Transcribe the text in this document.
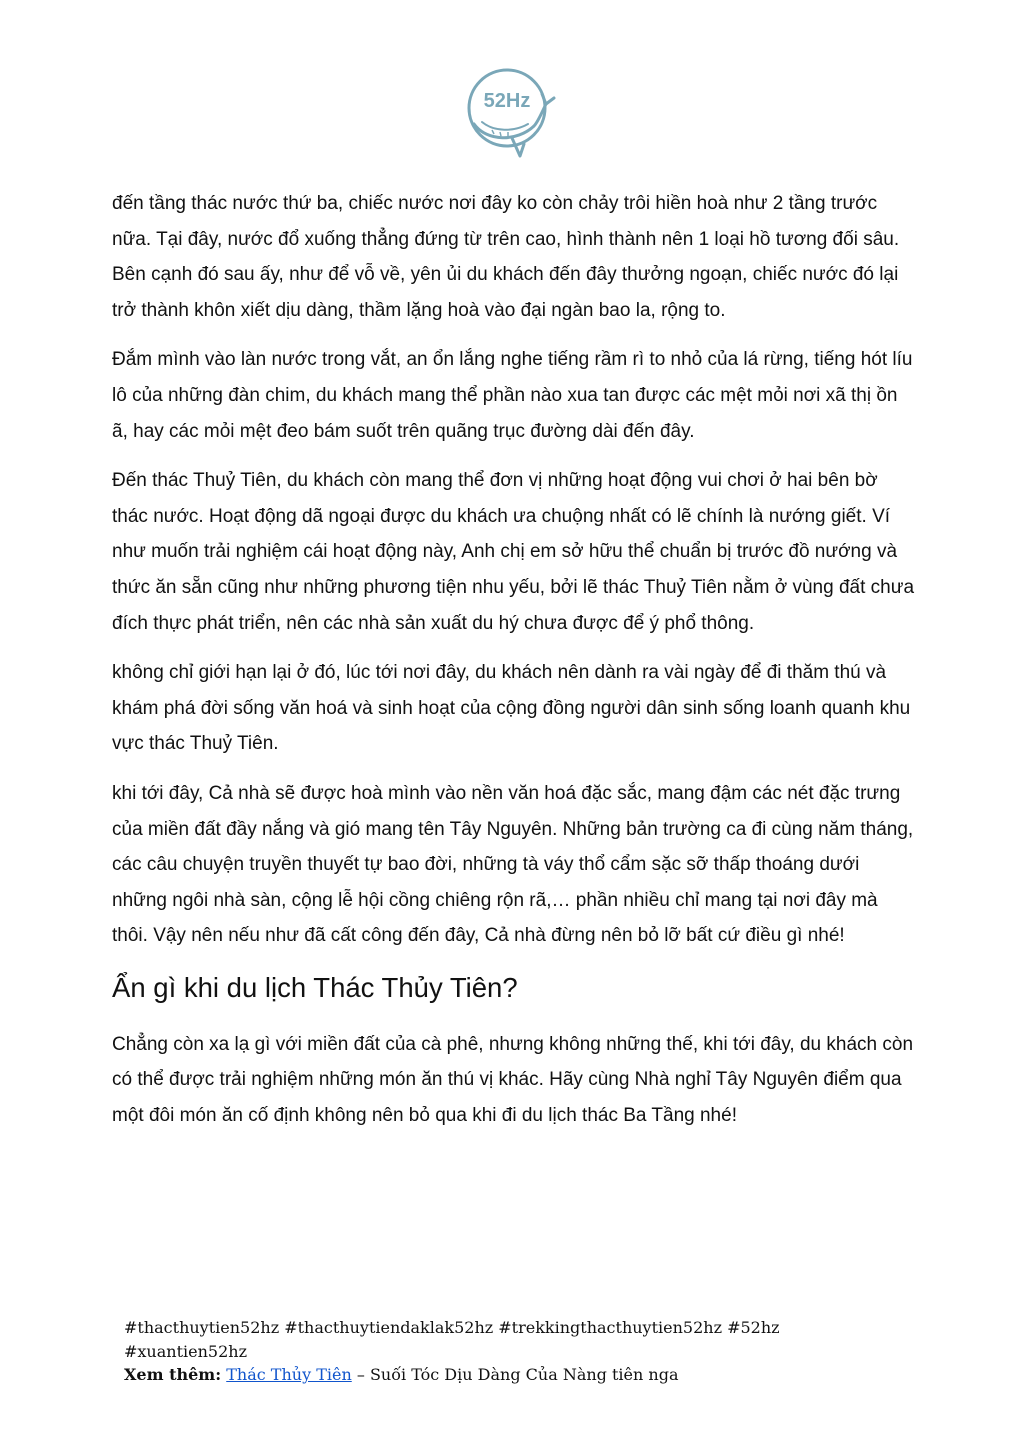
52Hz

đến tầng thác nước thứ ba, chiếc nước nơi đây ko còn chảy trôi hiền hoà như 2 tầng trước nữa. Tại đây, nước đổ xuống thẳng đứng từ trên cao, hình thành nên 1 loại hồ tương đối sâu. Bên cạnh đó sau ấy, như để vỗ về, yên ủi du khách đến đây thưởng ngoạn, chiếc nước đó lại trở thành khôn xiết dịu dàng, thầm lặng hoà vào đại ngàn bao la, rộng to.

Đắm mình vào làn nước trong vắt, an ổn lắng nghe tiếng rầm rì to nhỏ của lá rừng, tiếng hót líu lô của những đàn chim, du khách mang thể phần nào xua tan được các mệt mỏi nơi xã thị ồn ã, hay các mỏi mệt đeo bám suốt trên quãng trục đường dài đến đây.

Đến thác Thuỷ Tiên, du khách còn mang thể đơn vị những hoạt động vui chơi ở hai bên bờ thác nước. Hoạt động dã ngoại được du khách ưa chuộng nhất có lẽ chính là nướng giết. Ví như muốn trải nghiệm cái hoạt động này, Anh chị em sở hữu thể chuẩn bị trước đồ nướng và thức ăn sẵn cũng như những phương tiện nhu yếu, bởi lẽ thác Thuỷ Tiên nằm ở vùng đất chưa đích thực phát triển, nên các nhà sản xuất du hý chưa được để ý phổ thông.

không chỉ giới hạn lại ở đó, lúc tới nơi đây, du khách nên dành ra vài ngày để đi thăm thú và khám phá đời sống văn hoá và sinh hoạt của cộng đồng người dân sinh sống loanh quanh khu vực thác Thuỷ Tiên.

khi tới đây, Cả nhà sẽ được hoà mình vào nền văn hoá đặc sắc, mang đậm các nét đặc trưng của miền đất đầy nắng và gió mang tên Tây Nguyên. Những bản trường ca đi cùng năm tháng, các câu chuyện truyền thuyết tự bao đời, những tà váy thổ cẩm sặc sỡ thấp thoáng dưới những ngôi nhà sàn, cộng lễ hội cồng chiêng rộn rã,… phần nhiều chỉ mang tại nơi đây mà thôi. Vậy nên nếu như đã cất công đến đây, Cả nhà đừng nên bỏ lỡ bất cứ điều gì nhé!

Ẩn gì khi du lịch Thác Thủy Tiên?

Chẳng còn xa lạ gì với miền đất của cà phê, nhưng không những thế, khi tới đây, du khách còn có thể được trải nghiệm những món ăn thú vị khác. Hãy cùng Nhà nghỉ Tây Nguyên điểm qua một đôi món ăn cố định không nên bỏ qua khi đi du lịch thác Ba Tầng nhé!

#thacthuytien52hz #thacthuytiendaklak52hz #trekkingthacthuytien52hz #52hz #xuantien52hz

Xem thêm: Thác Thủy Tiên – Suối Tóc Dịu Dàng Của Nàng tiên nga
